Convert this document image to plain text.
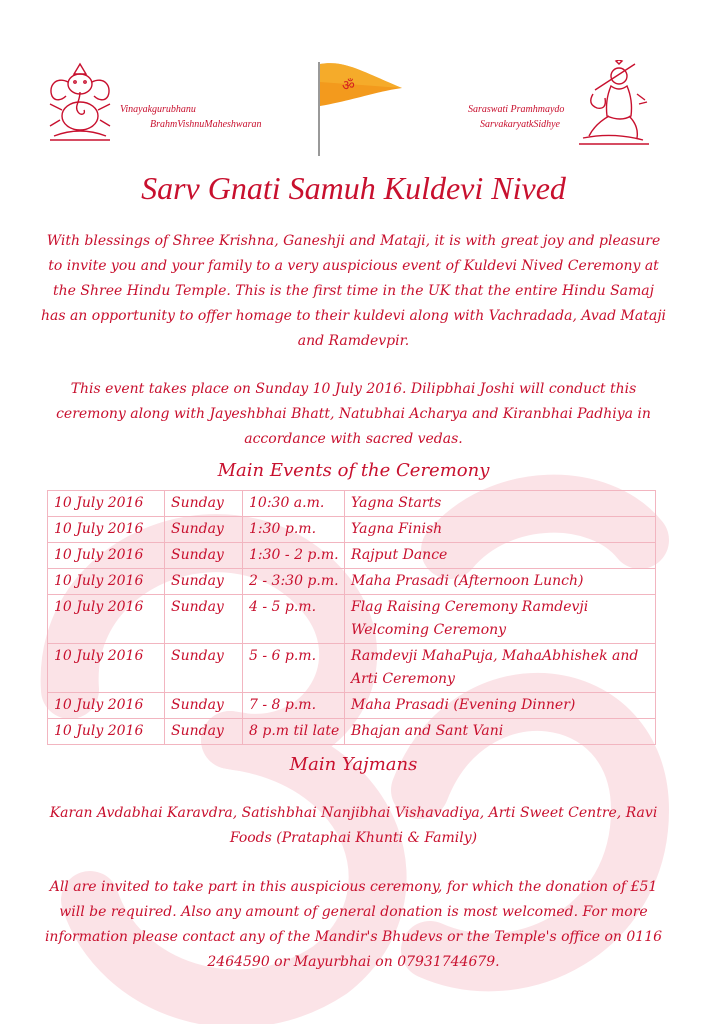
Vinayakgurubhanu
BrahmVishnuMaheshwaran
ॐ
Saraswati Pramhmaydo
SarvakaryatkSidhye
Sarv Gnati Samuh Kuldevi Nived
With blessings of Shree Krishna, Ganeshji and Mataji, it is with great joy and pleasure to invite you and your family to a very auspicious event of Kuldevi Nived Ceremony at the Shree Hindu Temple. This is the first time in the UK that the entire Hindu Samaj has an opportunity to offer homage to their kuldevi along with Vachradada, Avad Mataji and Ramdevpir.
This event takes place on Sunday 10 July 2016. Dilipbhai Joshi will conduct this ceremony along with Jayeshbhai Bhatt, Natubhai Acharya and Kiranbhai Padhiya in accordance with sacred vedas.
Main Events of the Ceremony
10 July 2016	Sunday	10:30 a.m.	Yagna Starts
10 July 2016	Sunday	1:30 p.m.	Yagna Finish
10 July 2016	Sunday	1:30 - 2 p.m.	Rajput Dance
10 July 2016	Sunday	2 - 3:30 p.m.	Maha Prasadi (Afternoon Lunch)
10 July 2016	Sunday	4 - 5 p.m.	Flag Raising Ceremony Ramdevji Welcoming Ceremony
10 July 2016	Sunday	5 - 6 p.m.	Ramdevji MahaPuja, MahaAbhishek and Arti Ceremony
10 July 2016	Sunday	7 - 8 p.m.	Maha Prasadi (Evening Dinner)
10 July 2016	Sunday	8 p.m til late	Bhajan and Sant Vani
Main Yajmans
Karan Avdabhai Karavdra, Satishbhai Nanjibhai Vishavadiya, Arti Sweet Centre, Ravi Foods (Prataphai Khunti & Family)
All are invited to take part in this auspicious ceremony, for which the donation of £51 will be required. Also any amount of general donation is most welcomed. For more information please contact any of the Mandir's Bhudevs or the Temple's office on 0116 2464590 or Mayurbhai on 07931744679.
